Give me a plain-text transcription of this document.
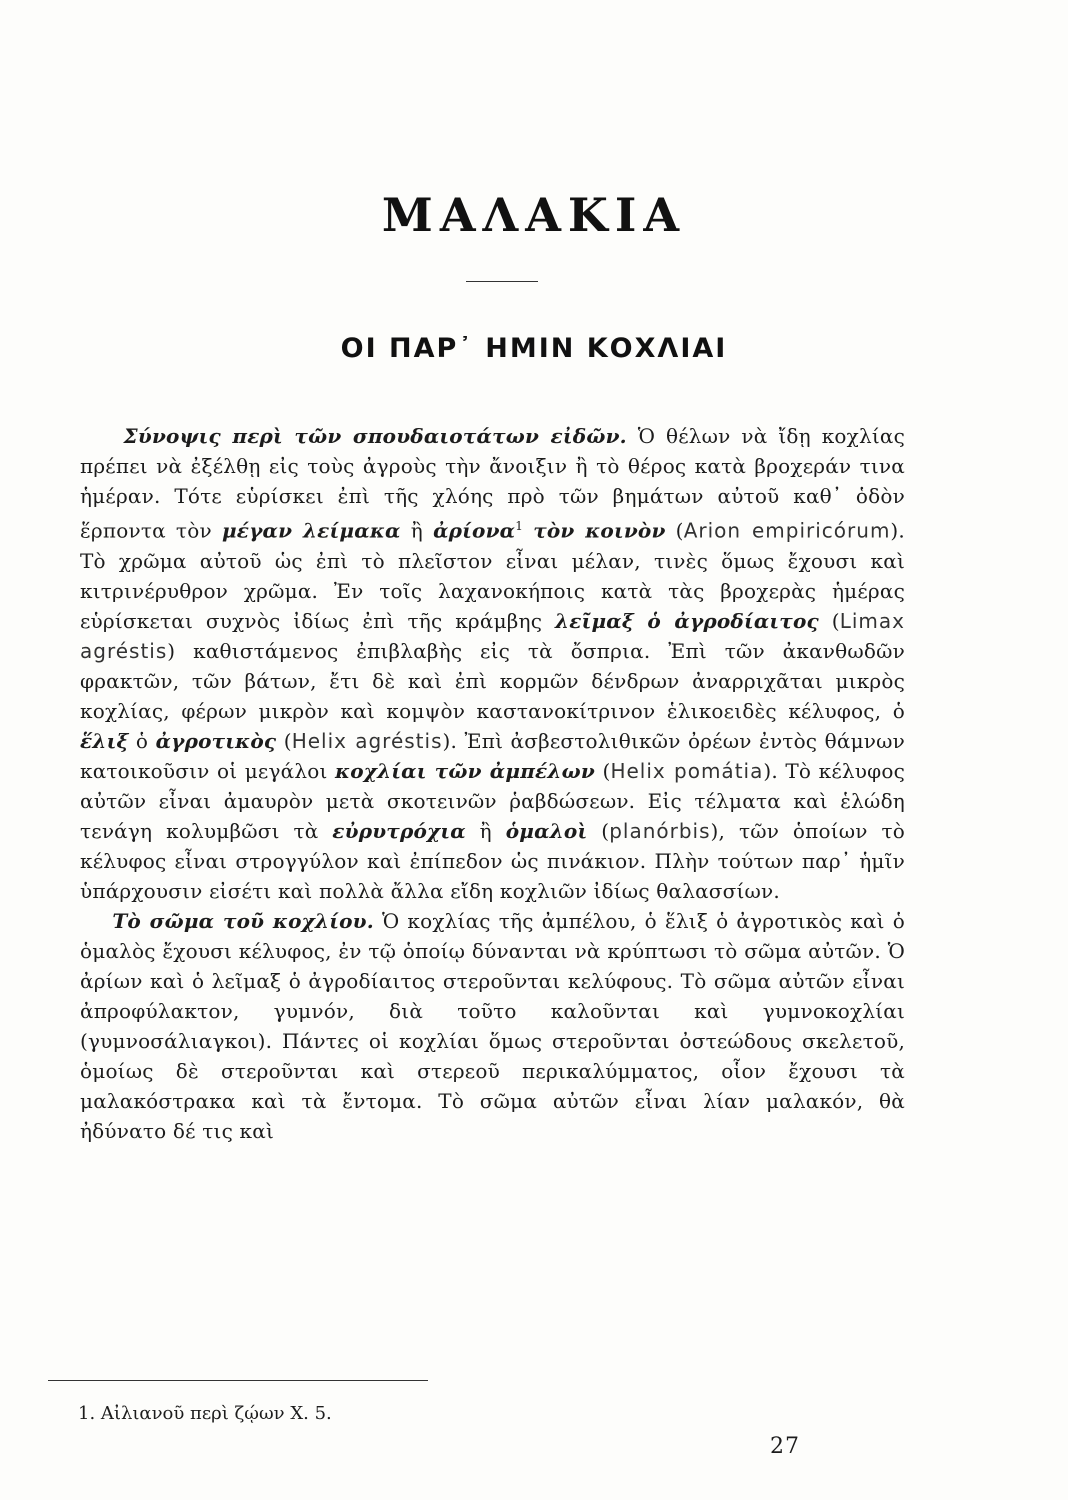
ΜΑΛΑΚΙΑ
ΟΙ ΠΑΡ᾽ ΗΜΙΝ ΚΟΧΛΙΑΙ

Σύνοψις περὶ τῶν σπουδαιοτάτων εἰδῶν. Ὁ θέλων νὰ ἴδῃ κοχλίας πρέπει νὰ ἐξέλθῃ εἰς τοὺς ἀγροὺς τὴν ἄνοιξιν ἢ τὸ θέρος κατὰ βροχεράν τινα ἡμέραν. Τότε εὑρίσκει ἐπὶ τῆς χλόης πρὸ τῶν βημάτων αὐτοῦ καθ᾽ ὁδὸν ἕρποντα τὸν μέγαν λείμακα ἢ ἀρίονα$^1$ τὸν κοινὸν (Arion empiricórum). Τὸ χρῶμα αὐτοῦ ὡς ἐπὶ τὸ πλεῖστον εἶναι μέλαν, τινὲς ὅμως ἔχουσι καὶ κιτρινέρυθρον χρῶμα. Ἐν τοῖς λαχανοκήποις κατὰ τὰς βροχερὰς ἡμέρας εὑρίσκεται συχνὸς ἰδίως ἐπὶ τῆς κράμβης λεῖμαξ ὁ ἀγροδίαιτος (Limax agréstis) καθιστάμενος ἐπιβλαβὴς εἰς τὰ ὄσπρια. Ἐπὶ τῶν ἀκανθωδῶν φρακτῶν, τῶν βάτων, ἔτι δὲ καὶ ἐπὶ κορμῶν δένδρων ἀναρριχᾶται μικρὸς κοχλίας, φέρων μικρὸν καὶ κομψὸν καστανοκίτρινον ἑλικοειδὲς κέλυφος, ὁ ἕλιξ ὁ ἀγροτικὸς (Helix agréstis). Ἐπὶ ἀσβεστολιθικῶν ὀρέων ἐντὸς θάμνων κατοικοῦσιν οἱ μεγάλοι κοχλίαι τῶν ἀμπέλων (Helix pomátia). Τὸ κέλυφος αὐτῶν εἶναι ἀμαυρὸν μετὰ σκοτεινῶν ῥαβδώσεων. Εἰς τέλματα καὶ ἑλώδη τενάγη κολυμβῶσι τὰ εὐρυτρόχια ἢ ὁμαλοὶ (planórbis), τῶν ὁποίων τὸ κέλυφος εἶναι στρογγύλον καὶ ἐπίπεδον ὡς πινάκιον. Πλὴν τούτων παρ᾽ ἡμῖν ὑπάρχουσιν εἰσέτι καὶ πολλὰ ἄλλα εἴδη κοχλιῶν ἰδίως θαλασσίων.

Τὸ σῶμα τοῦ κοχλίου. Ὁ κοχλίας τῆς ἀμπέλου, ὁ ἕλιξ ὁ ἀγροτικὸς καὶ ὁ ὁμαλὸς ἔχουσι κέλυφος, ἐν τῷ ὁποίῳ δύνανται νὰ κρύπτωσι τὸ σῶμα αὐτῶν. Ὁ ἀρίων καὶ ὁ λεῖμαξ ὁ ἀγροδίαιτος στεροῦνται κελύφους. Τὸ σῶμα αὐτῶν εἶναι ἀπροφύλακτον, γυμνόν, διὰ τοῦτο καλοῦνται καὶ γυμνοκοχλίαι (γυμνοσάλιαγκοι). Πάντες οἱ κοχλίαι ὅμως στεροῦνται ὀστεώδους σκελετοῦ, ὁμοίως δὲ στεροῦνται καὶ στερεοῦ περικαλύμματος, οἷον ἔχουσι τὰ μαλακόστρακα καὶ τὰ ἔντομα. Τὸ σῶμα αὐτῶν εἶναι λίαν μαλακόν, θὰ ἠδύνατο δέ τις καὶ

1. Αἰλιανοῦ περὶ ζῴων Χ. 5.
27
